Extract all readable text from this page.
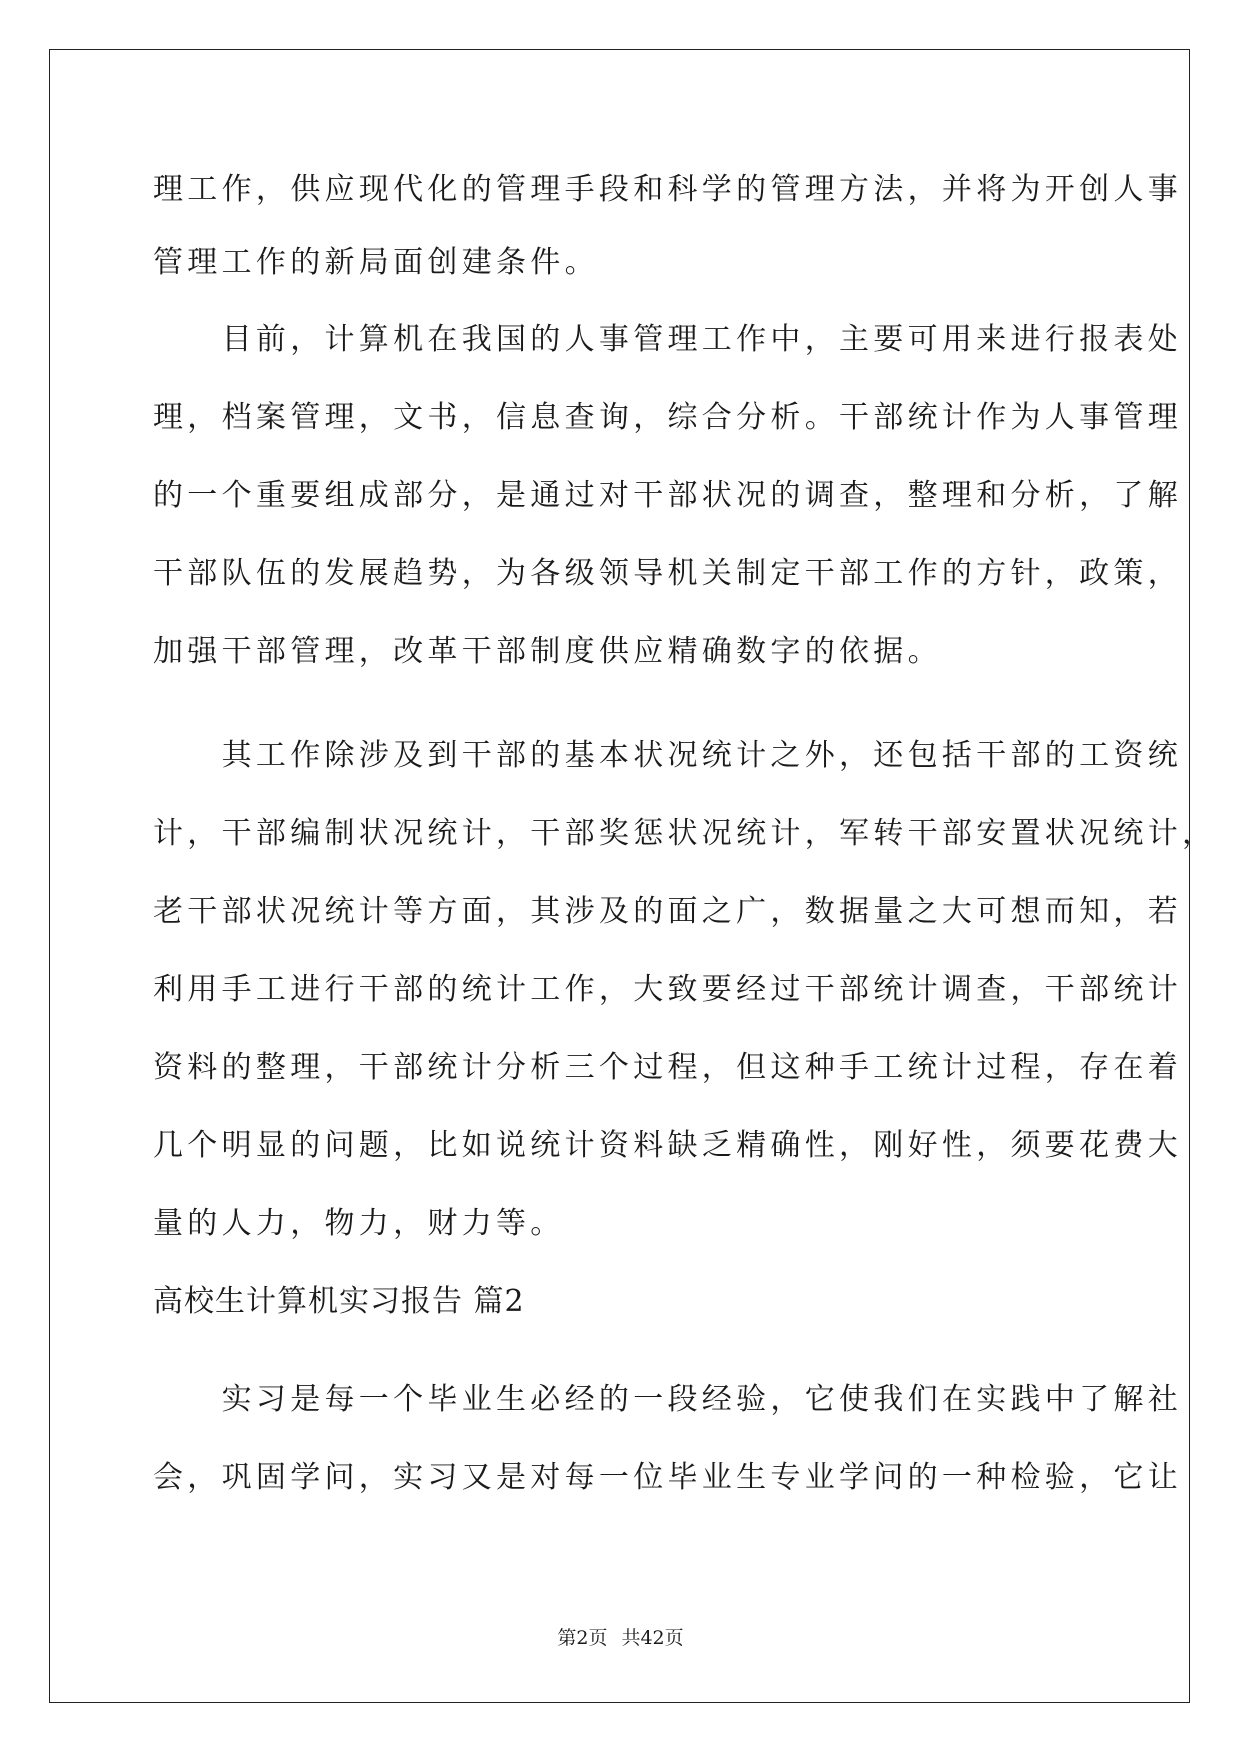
理工作，供应现代化的管理手段和科学的管理方法，并将为开创人事
管理工作的新局面创建条件。
　　目前，计算机在我国的人事管理工作中，主要可用来进行报表处
理，档案管理，文书，信息查询，综合分析。干部统计作为人事管理
的一个重要组成部分，是通过对干部状况的调查，整理和分析，了解
干部队伍的发展趋势，为各级领导机关制定干部工作的方针，政策，
加强干部管理，改革干部制度供应精确数字的依据。
　　其工作除涉及到干部的基本状况统计之外，还包括干部的工资统
计，干部编制状况统计，干部奖惩状况统计，军转干部安置状况统计，
老干部状况统计等方面，其涉及的面之广，数据量之大可想而知，若
利用手工进行干部的统计工作，大致要经过干部统计调查，干部统计
资料的整理，干部统计分析三个过程，但这种手工统计过程，存在着
几个明显的问题，比如说统计资料缺乏精确性，刚好性，须要花费大
量的人力，物力，财力等。
高校生计算机实习报告 篇2
　　实习是每一个毕业生必经的一段经验，它使我们在实践中了解社
会，巩固学问，实习又是对每一位毕业生专业学问的一种检验，它让
第2页 共42页
